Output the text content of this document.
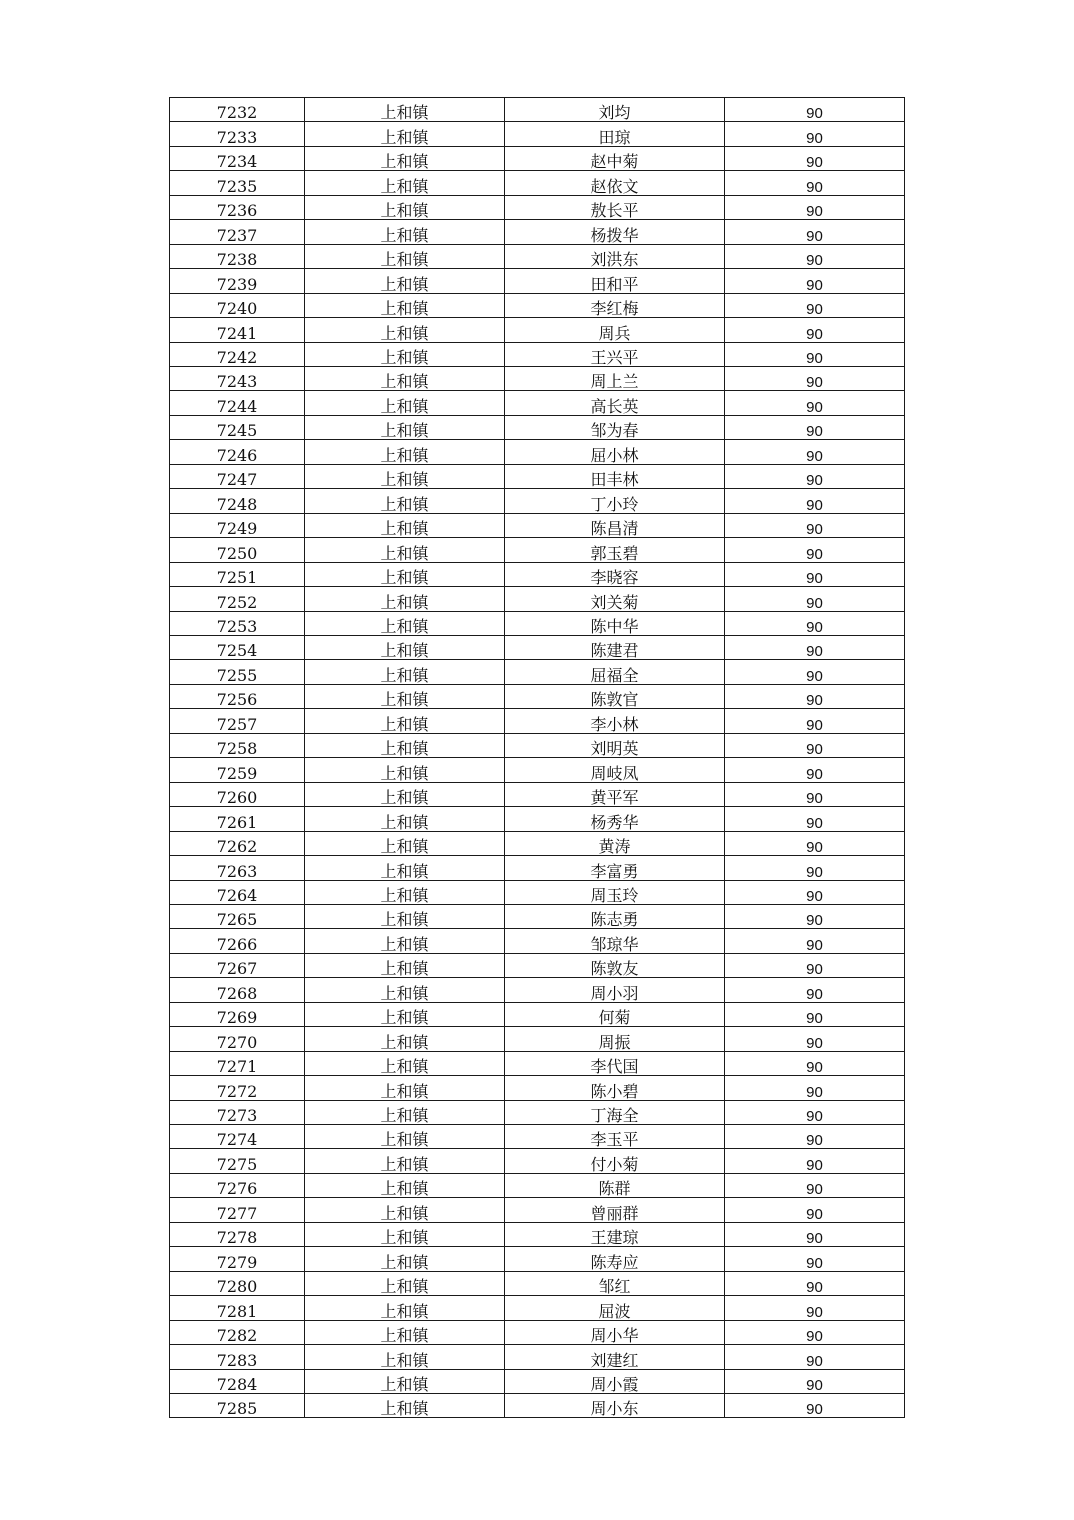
7232	上和镇	刘均	90
7233	上和镇	田琼	90
7234	上和镇	赵中菊	90
7235	上和镇	赵依文	90
7236	上和镇	敖长平	90
7237	上和镇	杨拨华	90
7238	上和镇	刘洪东	90
7239	上和镇	田和平	90
7240	上和镇	李红梅	90
7241	上和镇	周兵	90
7242	上和镇	王兴平	90
7243	上和镇	周上兰	90
7244	上和镇	高长英	90
7245	上和镇	邹为春	90
7246	上和镇	屈小林	90
7247	上和镇	田丰林	90
7248	上和镇	丁小玲	90
7249	上和镇	陈昌清	90
7250	上和镇	郭玉碧	90
7251	上和镇	李晓容	90
7252	上和镇	刘关菊	90
7253	上和镇	陈中华	90
7254	上和镇	陈建君	90
7255	上和镇	屈福全	90
7256	上和镇	陈敦官	90
7257	上和镇	李小林	90
7258	上和镇	刘明英	90
7259	上和镇	周岐凤	90
7260	上和镇	黄平军	90
7261	上和镇	杨秀华	90
7262	上和镇	黄涛	90
7263	上和镇	李富勇	90
7264	上和镇	周玉玲	90
7265	上和镇	陈志勇	90
7266	上和镇	邹琼华	90
7267	上和镇	陈敦友	90
7268	上和镇	周小羽	90
7269	上和镇	何菊	90
7270	上和镇	周振	90
7271	上和镇	李代国	90
7272	上和镇	陈小碧	90
7273	上和镇	丁海全	90
7274	上和镇	李玉平	90
7275	上和镇	付小菊	90
7276	上和镇	陈群	90
7277	上和镇	曾丽群	90
7278	上和镇	王建琼	90
7279	上和镇	陈寿应	90
7280	上和镇	邹红	90
7281	上和镇	屈波	90
7282	上和镇	周小华	90
7283	上和镇	刘建红	90
7284	上和镇	周小霞	90
7285	上和镇	周小东	90
